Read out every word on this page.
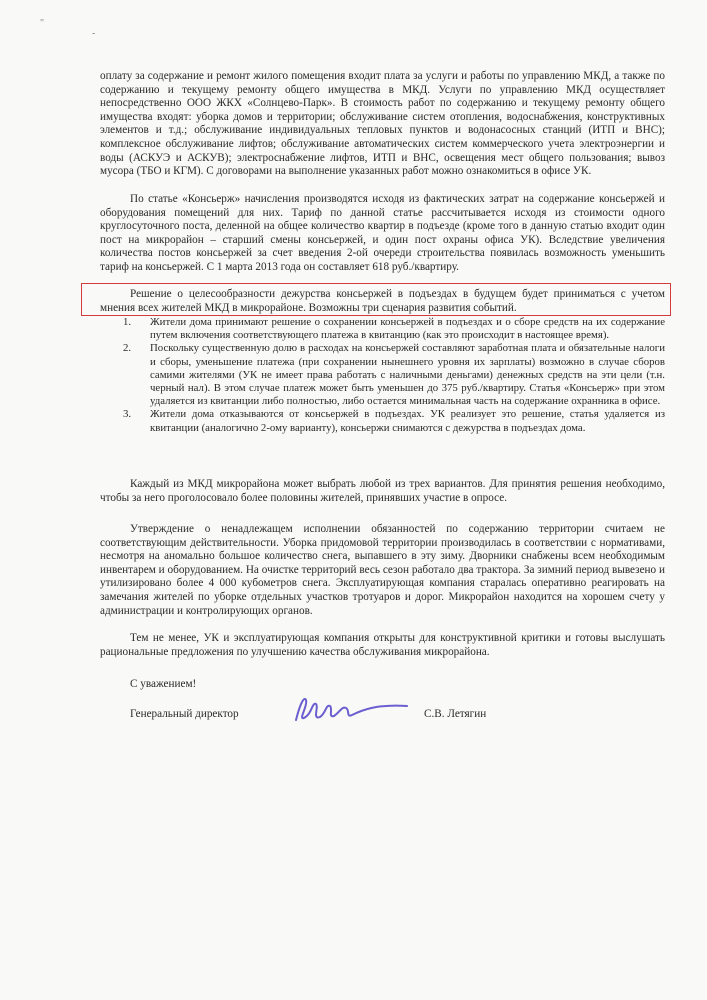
"
-

оплату за содержание и ремонт жилого помещения входит плата за услуги и работы по управлению МКД, а также по содержанию и текущему ремонту общего имущества в МКД. Услуги по управлению МКД осуществляет непосредственно ООО ЖКХ «Солнцево-Парк». В стоимость работ по содержанию и текущему ремонту общего имущества входят: уборка домов и территории; обслуживание систем отопления, водоснабжения, конструктивных элементов и т.д.; обслуживание индивидуальных тепловых пунктов и водонасосных станций (ИТП и ВНС); комплексное обслуживание лифтов; обслуживание автоматических систем коммерческого учета электроэнергии и воды (АСКУЭ и АСКУВ); электроснабжение лифтов, ИТП и ВНС, освещения мест общего пользования; вывоз мусора (ТБО и КГМ). С договорами на выполнение указанных работ можно ознакомиться в офисе УК.

По статье «Консьерж» начисления производятся исходя из фактических затрат на содержание консьержей и оборудования помещений для них. Тариф по данной статье рассчитывается исходя из стоимости одного круглосуточного поста, деленной на общее количество квартир в подъезде (кроме того в данную статью входит один пост на микрорайон – старший смены консьержей, и один пост охраны офиса УК). Вследствие увеличения количества постов консьержей за счет введения 2-ой очереди строительства появилась возможность уменьшить тариф на консьержей. С 1 марта 2013 года он составляет 618 руб./квартиру.

Решение о целесообразности дежурства консьержей в подъездах в будущем будет приниматься с учетом мнения всех жителей МКД в микрорайоне. Возможны три сценария развития событий.

1. Жители дома принимают решение о сохранении консьержей в подъездах и о сборе средств на их содержание путем включения соответствующего платежа в квитанцию (как это происходит в настоящее время).
2. Поскольку существенную долю в расходах на консьержей составляют заработная плата и обязательные налоги и сборы, уменьшение платежа (при сохранении нынешнего уровня их зарплаты) возможно в случае сборов самими жителями (УК не имеет права работать с наличными деньгами) денежных средств на эти цели (т.н. черный нал). В этом случае платеж может быть уменьшен до 375 руб./квартиру. Статья «Консьерж» при этом удаляется из квитанции либо полностью, либо остается минимальная часть на содержание охранника в офисе.
3. Жители дома отказываются от консьержей в подъездах. УК реализует это решение, статья удаляется из квитанции (аналогично 2-ому варианту), консьержи снимаются с дежурства в подъездах дома.

Каждый из МКД микрорайона может выбрать любой из трех вариантов. Для принятия решения необходимо, чтобы за него проголосовало более половины жителей, принявших участие в опросе.

Утверждение о ненадлежащем исполнении обязанностей по содержанию территории считаем не соответствующим действительности. Уборка придомовой территории производилась в соответствии с нормативами, несмотря на аномально большое количество снега, выпавшего в эту зиму. Дворники снабжены всем необходимым инвентарем и оборудованием. На очистке территорий весь сезон работало два трактора. За зимний период вывезено и утилизировано более 4 000 кубометров снега. Эксплуатирующая компания старалась оперативно реагировать на замечания жителей по уборке отдельных участков тротуаров и дорог. Микрорайон находится на хорошем счету у администрации и контролирующих органов.

Тем не менее, УК и эксплуатирующая компания открыты для конструктивной критики и готовы выслушать рациональные предложения по улучшению качества обслуживания микрорайона.

С уважением!
Генеральный директор	С.В. Летягин
